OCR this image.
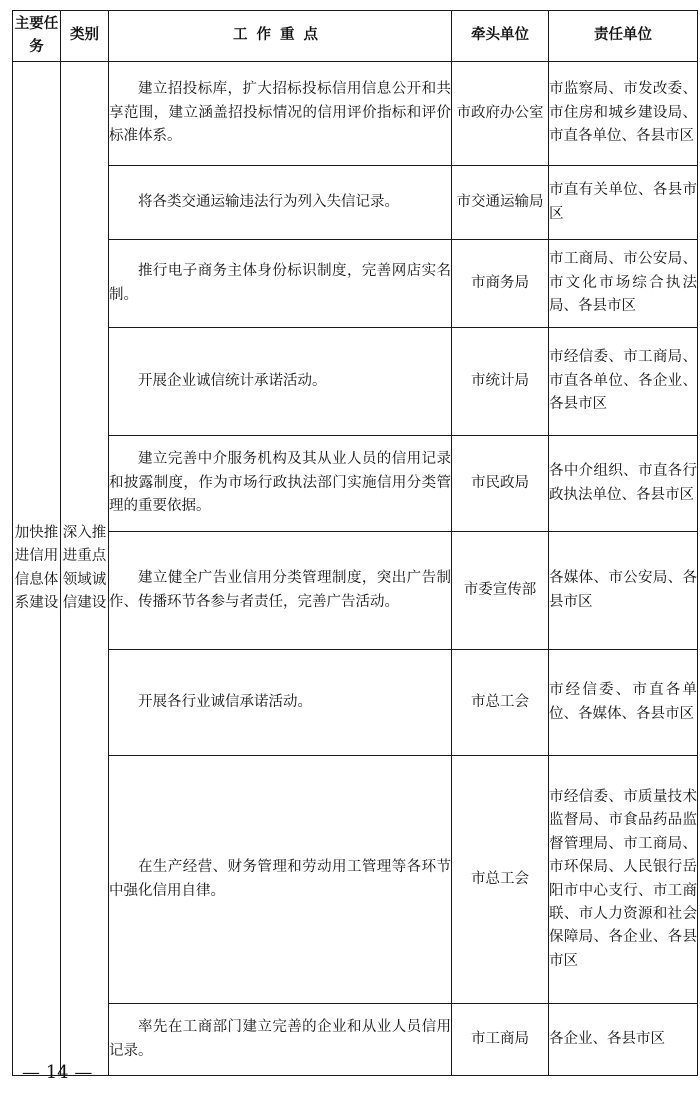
主要任务	类别	工作重点	牵头单位	责任单位
加快推进信用信息体系建设	深入推进重点领域诚信建设	建立招投标库，扩大招标投标信用信息公开和共享范围，建立涵盖招投标情况的信用评价指标和评价标准体系。	市政府办公室	市监察局、市发改委、市住房和城乡建设局、市直各单位、各县市区

		将各类交通运输违法行为列入失信记录。	市交通运输局	市直有关单位、各县市区

		推行电子商务主体身份标识制度，完善网店实名制。	市商务局	市工商局、市公安局、市文化市场综合执法局、各县市区

		开展企业诚信统计承诺活动。	市统计局	市经信委、市工商局、市直各单位、各企业、各县市区

		建立完善中介服务机构及其从业人员的信用记录和披露制度，作为市场行政执法部门实施信用分类管理的重要依据。	市民政局	各中介组织、市直各行政执法单位、各县市区

		建立健全广告业信用分类管理制度，突出广告制作、传播环节各参与者责任，完善广告活动。	市委宣传部	各媒体、市公安局、各县市区

		开展各行业诚信承诺活动。	市总工会	市经信委、市直各单位、各媒体、各县市区

		在生产经营、财务管理和劳动用工管理等各环节中强化信用自律。	市总工会	市经信委、市质量技术监督局、市食品药品监督管理局、市工商局、市环保局、人民银行岳阳市中心支行、市工商联、市人力资源和社会保障局、各企业、各县市区

		率先在工商部门建立完善的企业和从业人员信用记录。	市工商局	各企业、各县市区
— 14 —
